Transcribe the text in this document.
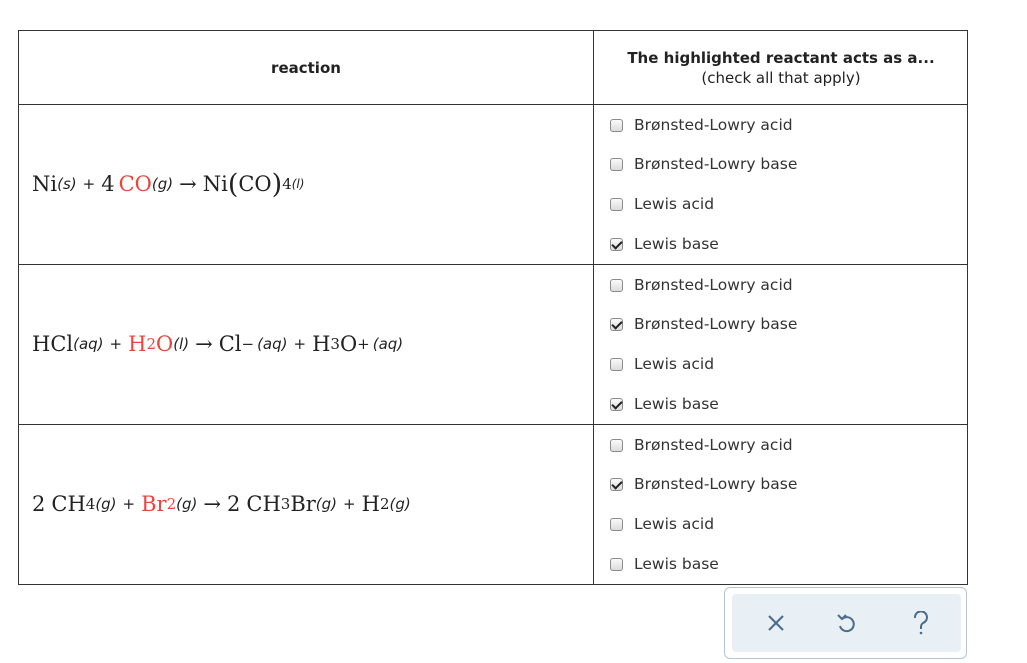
reaction
The highlighted reactant acts as a...
(check all that apply)
Ni (s) + 4 CO (g) → Ni ( CO ) 4 (l)
Brønsted-Lowry acid
Brønsted-Lowry base
Lewis acid
Lewis base
HCl (aq) + H 2 O (l) → Cl − (aq) + H 3 O + (aq)
Brønsted-Lowry acid
Brønsted-Lowry base
Lewis acid
Lewis base
2 CH 4 (g) + Br 2 (g) → 2 CH 3 Br (g) + H 2 (g)
Brønsted-Lowry acid
Brønsted-Lowry base
Lewis acid
Lewis base
